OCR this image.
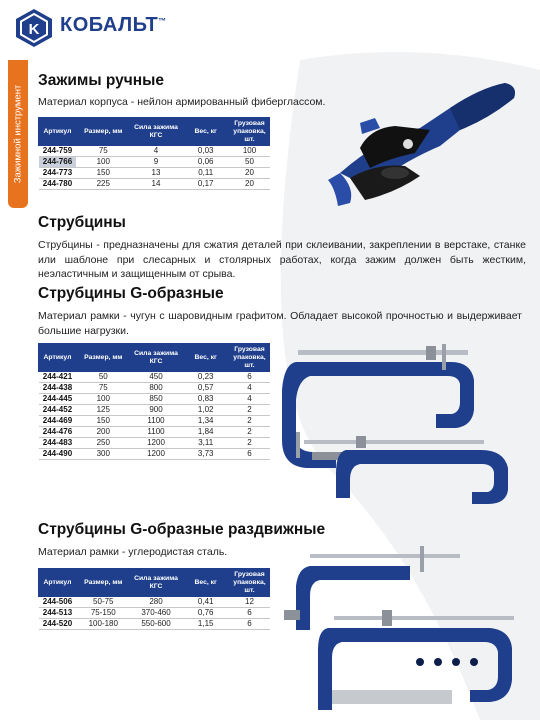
K КОБАЛЬТ™
Зажимной инструмент
Зажимы ручные
Материал корпуса - нейлон армированный фиберглассом.
Артикул	Размер, мм	Сила зажима КГС	Вес, кг	Грузовая упаковка, шт.
244-759	75	4	0,03	100
244-766	100	9	0,06	50
244-773	150	13	0,11	20
244-780	225	14	0,17	20
Струбцины
Струбцины - предназначены для сжатия деталей при склеивании, закреплении в верстаке, станке или шаблоне при слесарных и столярных работах, когда зажим должен быть жестким, неэластичным и защищенным от срыва.
Струбцины G-образные
Материал рамки - чугун с шаровидным графитом. Обладает высокой прочностью и выдерживает большие нагрузки.
Артикул	Размер, мм	Сила зажима КГС	Вес, кг	Грузовая упаковка, шт.
244-421	50	450	0,23	6
244-438	75	800	0,57	4
244-445	100	850	0,83	4
244-452	125	900	1,02	2
244-469	150	1100	1,34	2
244-476	200	1100	1,84	2
244-483	250	1200	3,11	2
244-490	300	1200	3,73	6
Струбцины G-образные раздвижные
Материал рамки - углеродистая сталь.
Артикул	Размер, мм	Сила зажима КГС	Вес, кг	Грузовая упаковка, шт.
244-506	50-75	280	0,41	12
244-513	75-150	370-460	0,76	6
244-520	100-180	550-600	1,15	6
